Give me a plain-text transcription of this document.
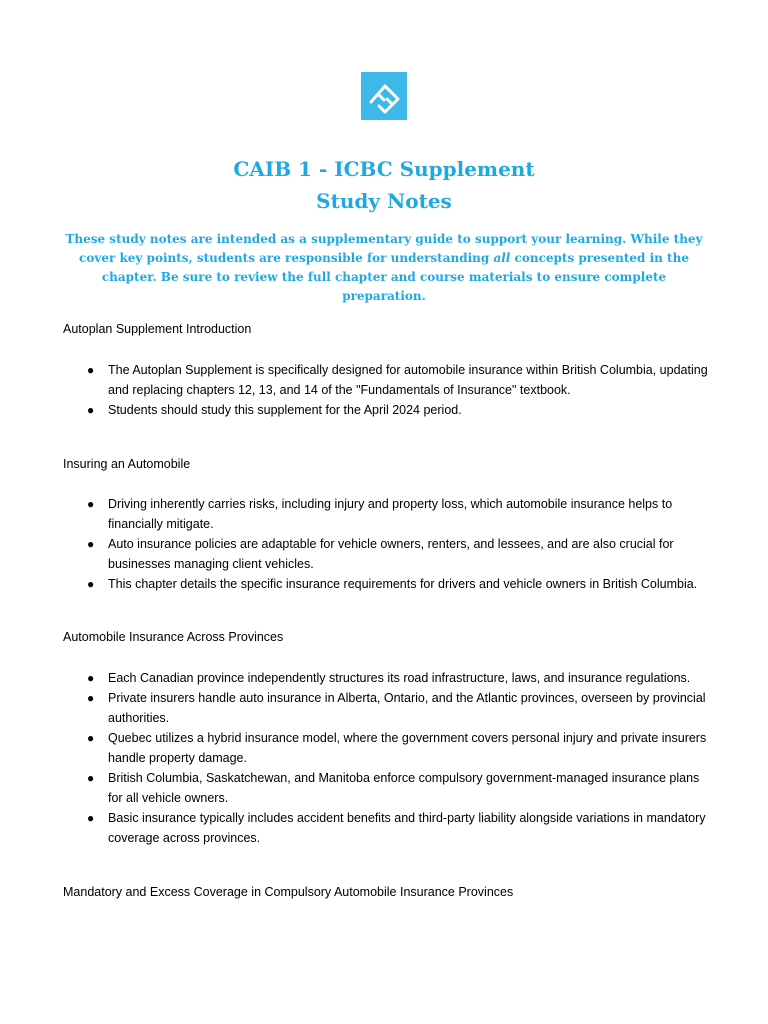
CAIB 1 - ICBC Supplement
Study Notes
These study notes are intended as a supplementary guide to support your learning. While they cover key points, students are responsible for understanding all concepts presented in the chapter. Be sure to review the full chapter and course materials to ensure complete preparation.
Autoplan Supplement Introduction
● The Autoplan Supplement is specifically designed for automobile insurance within British Columbia, updating and replacing chapters 12, 13, and 14 of the "Fundamentals of Insurance" textbook.
● Students should study this supplement for the April 2024 period.
Insuring an Automobile
● Driving inherently carries risks, including injury and property loss, which automobile insurance helps to financially mitigate.
● Auto insurance policies are adaptable for vehicle owners, renters, and lessees, and are also crucial for businesses managing client vehicles.
● This chapter details the specific insurance requirements for drivers and vehicle owners in British Columbia.
Automobile Insurance Across Provinces
● Each Canadian province independently structures its road infrastructure, laws, and insurance regulations.
● Private insurers handle auto insurance in Alberta, Ontario, and the Atlantic provinces, overseen by provincial authorities.
● Quebec utilizes a hybrid insurance model, where the government covers personal injury and private insurers handle property damage.
● British Columbia, Saskatchewan, and Manitoba enforce compulsory government-managed insurance plans for all vehicle owners.
● Basic insurance typically includes accident benefits and third-party liability alongside variations in mandatory coverage across provinces.
Mandatory and Excess Coverage in Compulsory Automobile Insurance Provinces
